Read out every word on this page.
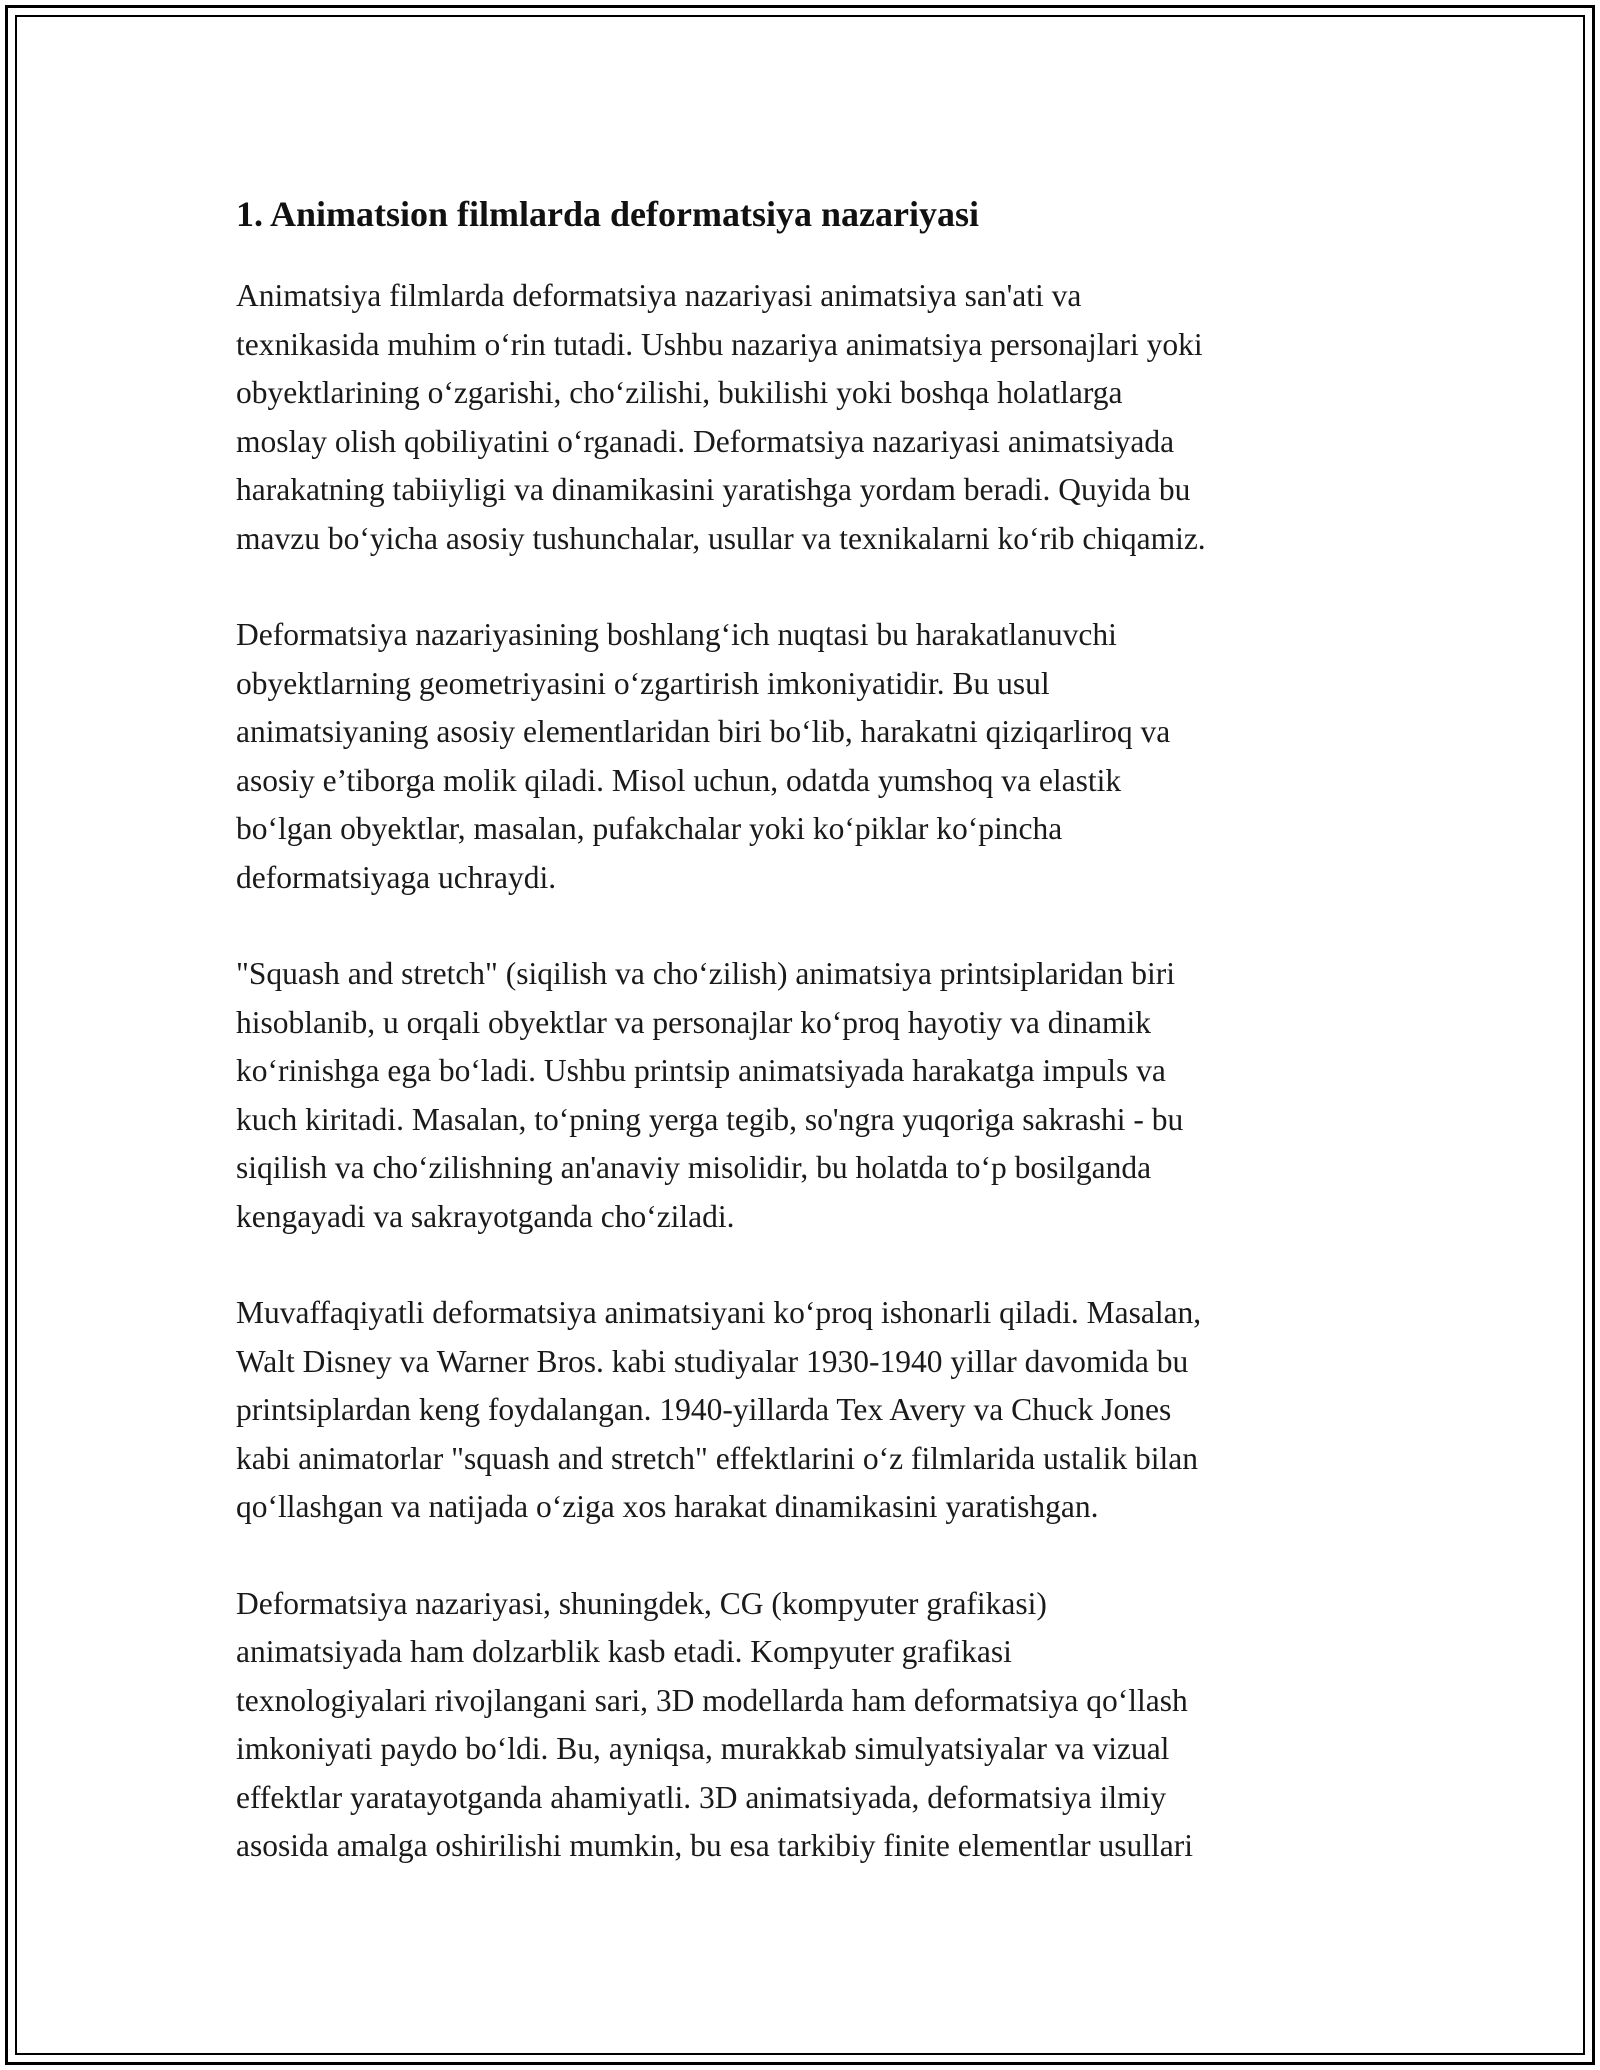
1. Animatsion filmlarda deformatsiya nazariyasi

Animatsiya filmlarda deformatsiya nazariyasi animatsiya san'ati va
texnikasida muhim o‘rin tutadi. Ushbu nazariya animatsiya personajlari yoki
obyektlarining o‘zgarishi, cho‘zilishi, bukilishi yoki boshqa holatlarga
moslay olish qobiliyatini o‘rganadi. Deformatsiya nazariyasi animatsiyada
harakatning tabiiyligi va dinamikasini yaratishga yordam beradi. Quyida bu
mavzu bo‘yicha asosiy tushunchalar, usullar va texnikalarni ko‘rib chiqamiz.

Deformatsiya nazariyasining boshlang‘ich nuqtasi bu harakatlanuvchi
obyektlarning geometriyasini o‘zgartirish imkoniyatidir. Bu usul
animatsiyaning asosiy elementlaridan biri bo‘lib, harakatni qiziqarliroq va
asosiy e’tiborga molik qiladi. Misol uchun, odatda yumshoq va elastik
bo‘lgan obyektlar, masalan, pufakchalar yoki ko‘piklar ko‘pincha
deformatsiyaga uchraydi.

"Squash and stretch" (siqilish va cho‘zilish) animatsiya printsiplaridan biri
hisoblanib, u orqali obyektlar va personajlar ko‘proq hayotiy va dinamik
ko‘rinishga ega bo‘ladi. Ushbu printsip animatsiyada harakatga impuls va
kuch kiritadi. Masalan, to‘pning yerga tegib, so'ngra yuqoriga sakrashi - bu
siqilish va cho‘zilishning an'anaviy misolidir, bu holatda to‘p bosilganda
kengayadi va sakrayotganda cho‘ziladi.

Muvaffaqiyatli deformatsiya animatsiyani ko‘proq ishonarli qiladi. Masalan,
Walt Disney va Warner Bros. kabi studiyalar 1930-1940 yillar davomida bu
printsiplardan keng foydalangan. 1940-yillarda Tex Avery va Chuck Jones
kabi animatorlar "squash and stretch" effektlarini o‘z filmlarida ustalik bilan
qo‘llashgan va natijada o‘ziga xos harakat dinamikasini yaratishgan.

Deformatsiya nazariyasi, shuningdek, CG (kompyuter grafikasi)
animatsiyada ham dolzarblik kasb etadi. Kompyuter grafikasi
texnologiyalari rivojlangani sari, 3D modellarda ham deformatsiya qo‘llash
imkoniyati paydo bo‘ldi. Bu, ayniqsa, murakkab simulyatsiyalar va vizual
effektlar yaratayotganda ahamiyatli. 3D animatsiyada, deformatsiya ilmiy
asosida amalga oshirilishi mumkin, bu esa tarkibiy finite elementlar usullari
